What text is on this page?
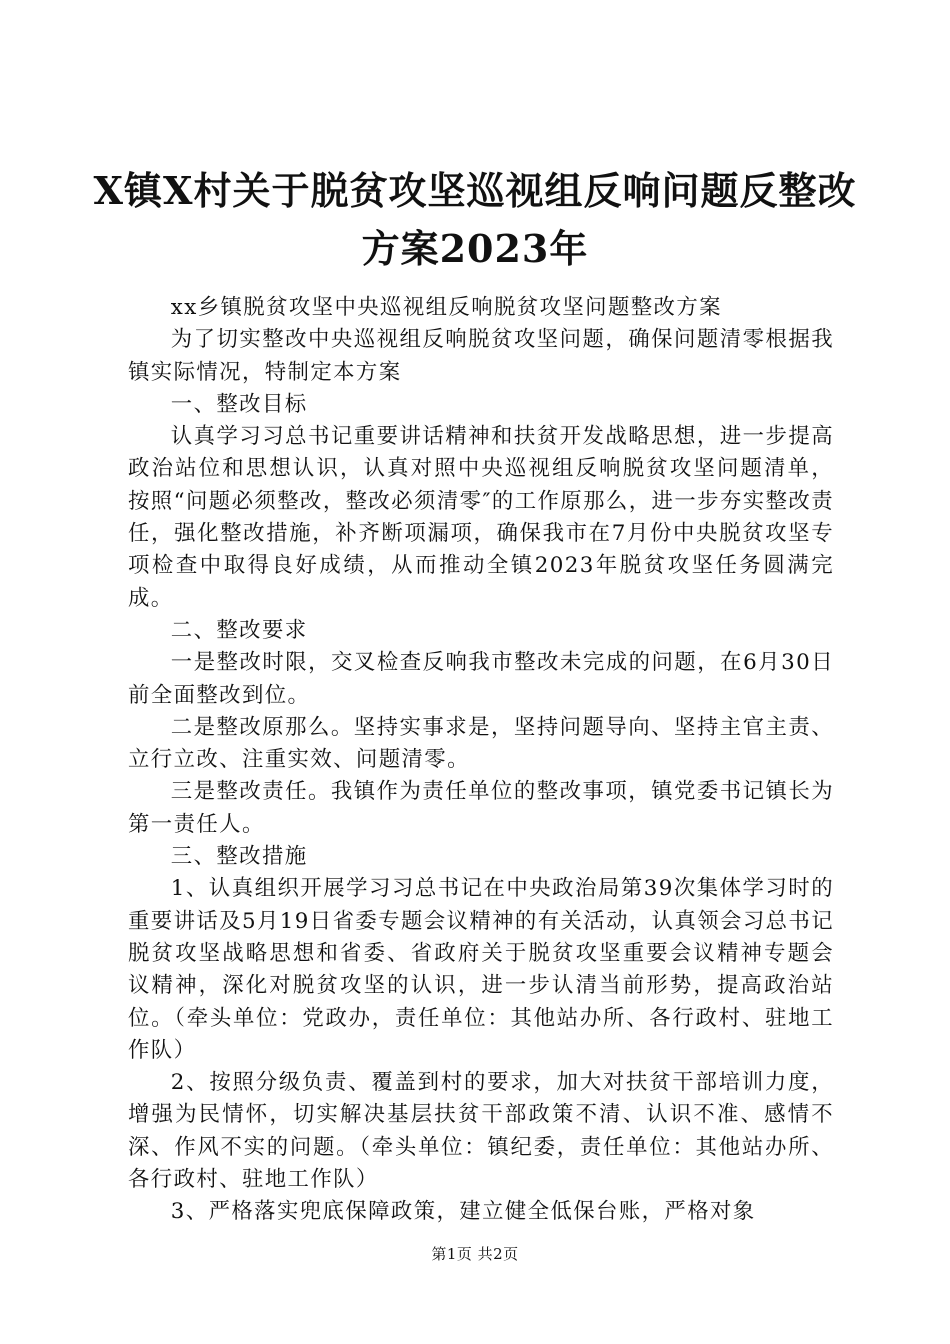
X镇X村关于脱贫攻坚巡视组反响问题反整改
方案2023年

xx乡镇脱贫攻坚中央巡视组反响脱贫攻坚问题整改方案

为了切实整改中央巡视组反响脱贫攻坚问题，确保问题清零根据我镇实际情况，特制定本方案

一、整改目标

认真学习习总书记重要讲话精神和扶贫开发战略思想，进一步提高政治站位和思想认识，认真对照中央巡视组反响脱贫攻坚问题清单，按照“问题必须整改，整改必须清零″的工作原那么，进一步夯实整改责任，强化整改措施，补齐断项漏项，确保我市在7月份中央脱贫攻坚专项检查中取得良好成绩，从而推动全镇2023年脱贫攻坚任务圆满完成。

二、整改要求

一是整改时限，交叉检查反响我市整改未完成的问题，在6月30日前全面整改到位。

二是整改原那么。坚持实事求是，坚持问题导向、坚持主官主责、立行立改、注重实效、问题清零。

三是整改责任。我镇作为责任单位的整改事项，镇党委书记镇长为第一责任人。

三、整改措施

1、认真组织开展学习习总书记在中央政治局第39次集体学习时的重要讲话及5月19日省委专题会议精神的有关活动，认真领会习总书记脱贫攻坚战略思想和省委、省政府关于脱贫攻坚重要会议精神专题会议精神，深化对脱贫攻坚的认识，进一步认清当前形势，提高政治站位。（牵头单位：党政办，责任单位：其他站办所、各行政村、驻地工作队）

2、按照分级负责、覆盖到村的要求，加大对扶贫干部培训力度，增强为民情怀，切实解决基层扶贫干部政策不清、认识不准、感情不深、作风不实的问题。（牵头单位：镇纪委，责任单位：其他站办所、各行政村、驻地工作队）

3、严格落实兜底保障政策，建立健全低保台账，严格对象

第1页 共2页
